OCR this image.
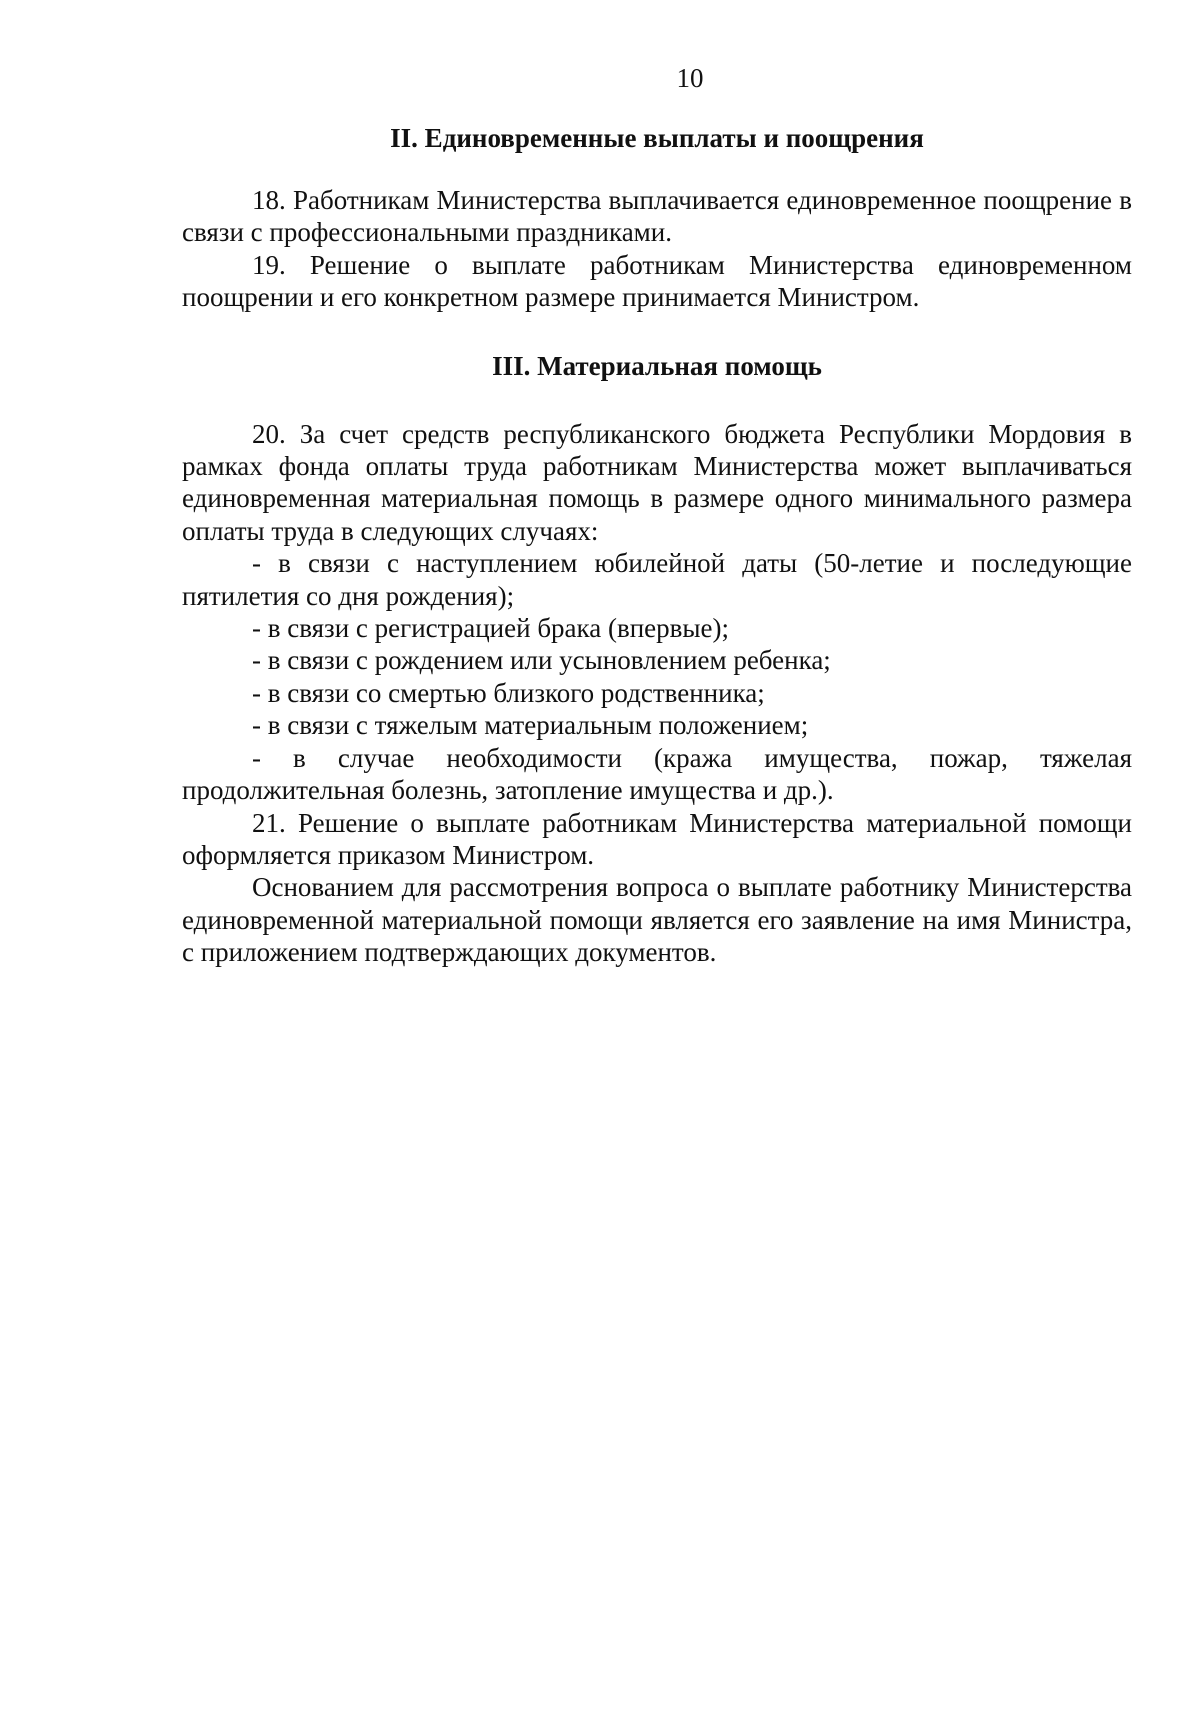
10
II. Единовременные выплаты и поощрения

18. Работникам Министерства выплачивается единовременное поощрение в связи с профессиональными праздниками.

19. Решение о выплате работникам Министерства единовременном поощрении и его конкретном размере принимается Министром.

III. Материальная помощь

20. За счет средств республиканского бюджета Республики Мордовия в рамках фонда оплаты труда работникам Министерства может выплачиваться единовременная материальная помощь в размере одного минимального размера оплаты труда в следующих случаях:

- в связи с наступлением юбилейной даты (50-летие и последующие пятилетия со дня рождения);

- в связи с регистрацией брака (впервые);

- в связи с рождением или усыновлением ребенка;

- в связи со смертью близкого родственника;

- в связи с тяжелым материальным положением;

- в случае необходимости (кража имущества, пожар, тяжелая продолжительная болезнь, затопление имущества и др.).

21. Решение о выплате работникам Министерства материальной помощи оформляется приказом Министром.

Основанием для рассмотрения вопроса о выплате работнику Министерства единовременной материальной помощи является его заявление на имя Министра, с приложением подтверждающих документов.
